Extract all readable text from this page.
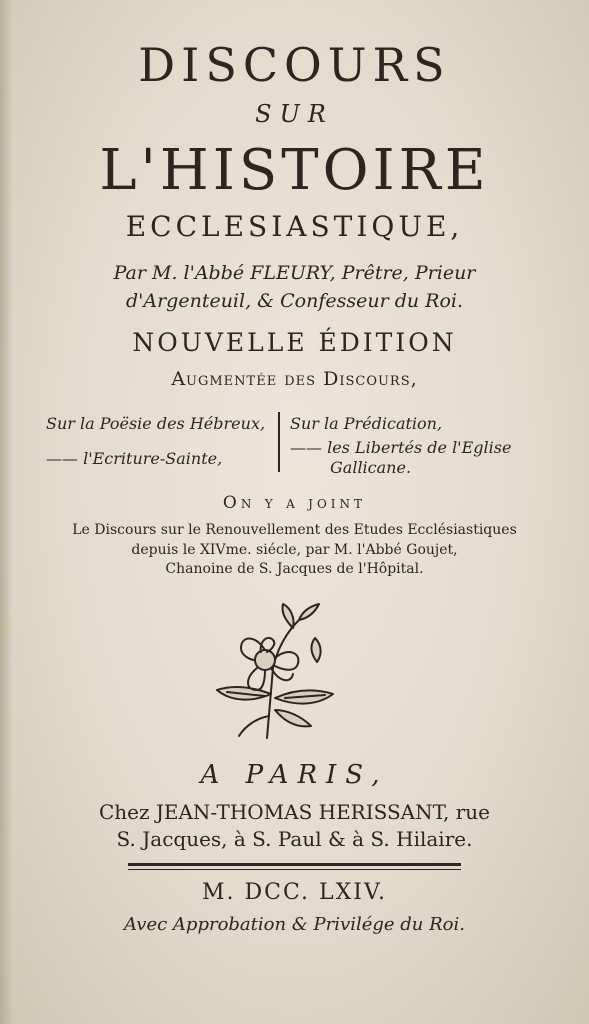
DISCOURS
SUR
L'HISTOIRE
ECCLESIASTIQUE,
Par M. l'Abbé FLEURY, Prêtre, Prieur
d'Argenteuil, & Confesseur du Roi.
NOUVELLE ÉDITION
Augmentée des Discours,
Sur la Poësie des Hébreux,
—— l'Ecriture-Sainte,
Sur la Prédication,
—— les Libertés de l'Eglise
Gallicane.
On y a joint
Le Discours sur le Renouvellement des Etudes Ecclésiastiques
depuis le XIVme. siécle, par M. l'Abbé Goujet,
Chanoine de S. Jacques de l'Hôpital.
A PARIS,
Chez JEAN-THOMAS HERISSANT, rue
S. Jacques, à S. Paul & à S. Hilaire.
M. DCC. LXIV.
Avec Approbation & Privilége du Roi.
